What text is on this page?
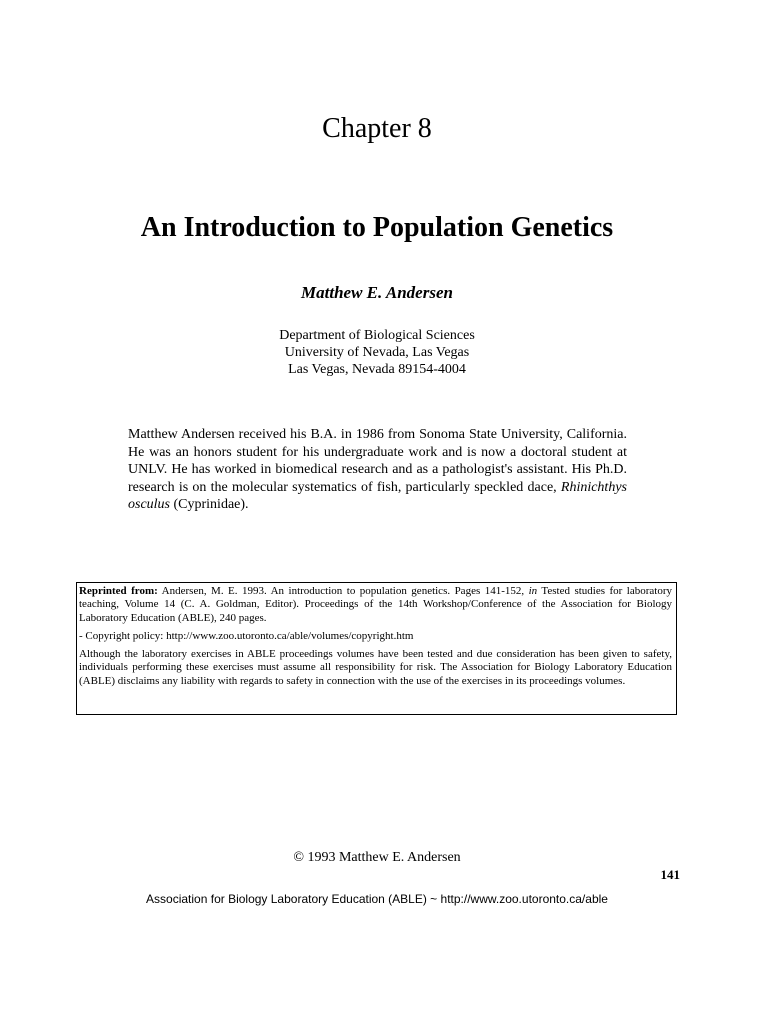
Chapter 8
An Introduction to Population Genetics
Matthew E. Andersen
Department of Biological Sciences
University of Nevada, Las Vegas
Las Vegas, Nevada 89154-4004
Matthew Andersen received his B.A. in 1986 from Sonoma State University, California. He was an honors student for his undergraduate work and is now a doctoral student at UNLV. He has worked in biomedical research and as a pathologist's assistant. His Ph.D. research is on the molecular systematics of fish, particularly speckled dace, Rhinichthys osculus (Cyprinidae).

Reprinted from: Andersen, M. E. 1993. An introduction to population genetics. Pages 141-152, in Tested studies for laboratory teaching, Volume 14 (C. A. Goldman, Editor). Proceedings of the 14th Workshop/Conference of the Association for Biology Laboratory Education (ABLE), 240 pages.

- Copyright policy: http://www.zoo.utoronto.ca/able/volumes/copyright.htm

Although the laboratory exercises in ABLE proceedings volumes have been tested and due consideration has been given to safety, individuals performing these exercises must assume all responsibility for risk. The Association for Biology Laboratory Education (ABLE) disclaims any liability with regards to safety in connection with the use of the exercises in its proceedings volumes.

© 1993 Matthew E. Andersen
141
Association for Biology Laboratory Education (ABLE) ~ http://www.zoo.utoronto.ca/able
